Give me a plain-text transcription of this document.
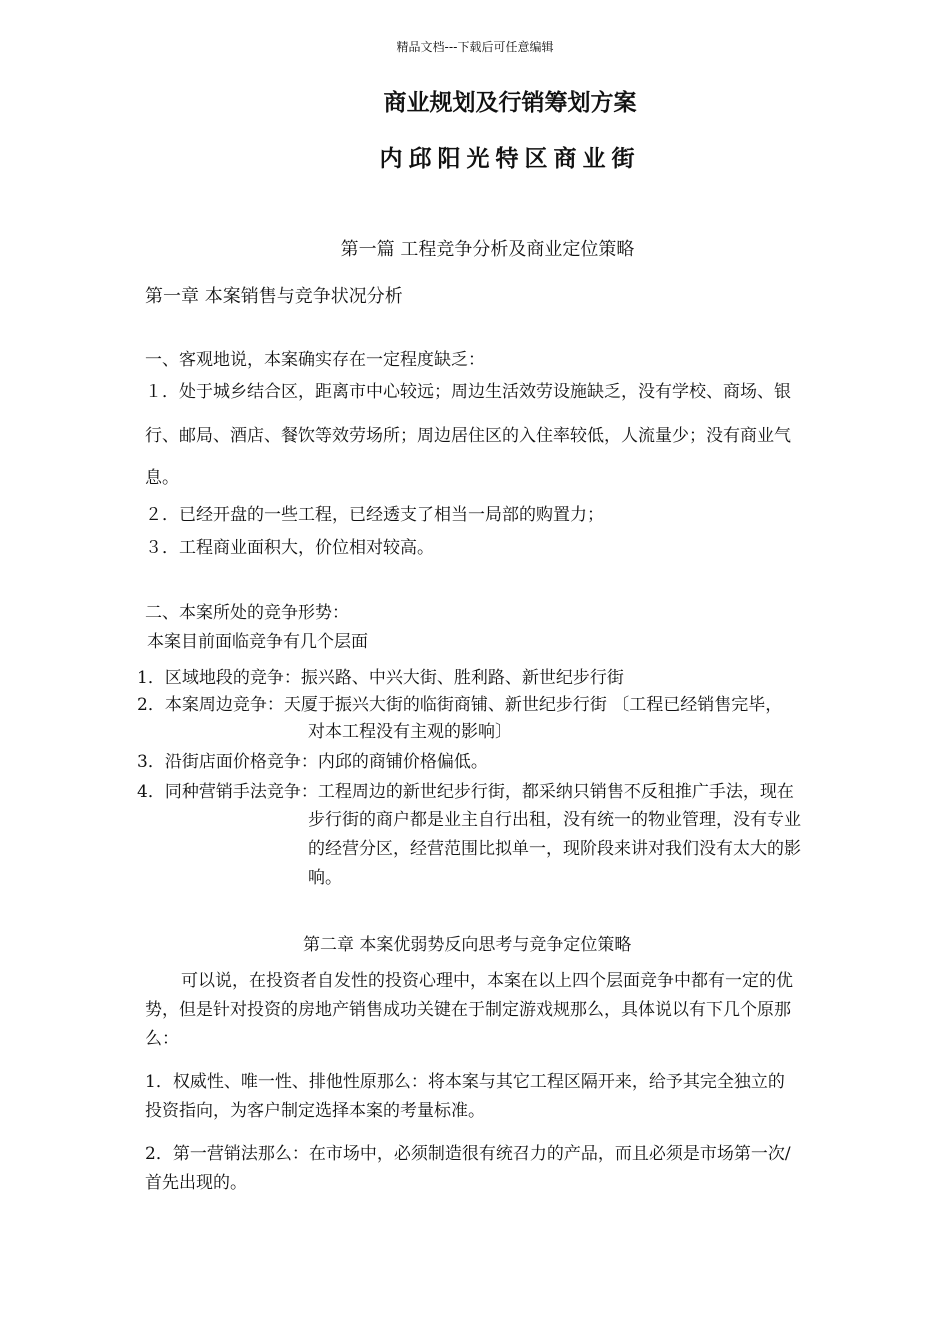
精品文档---下载后可任意编辑
商业规划及行销筹划方案
内邱阳光特区商业街
第一篇 工程竞争分析及商业定位策略
第一章 本案销售与竞争状况分析
一、客观地说，本案确实存在一定程度缺乏：
１．处于城乡结合区，距离市中心较远；周边生活效劳设施缺乏，没有学校、商场、银
行、邮局、酒店、餐饮等效劳场所；周边居住区的入住率较低，人流量少；没有商业气
息。
２．已经开盘的一些工程，已经透支了相当一局部的购置力；
３．工程商业面积大，价位相对较高。
二、本案所处的竞争形势：
本案目前面临竞争有几个层面
1．区域地段的竞争：振兴路、中兴大街、胜利路、新世纪步行街
2．本案周边竞争：天厦于振兴大街的临街商铺、新世纪步行街 〔工程已经销售完毕，
对本工程没有主观的影响〕
3．沿街店面价格竞争：内邱的商铺价格偏低。
4．同种营销手法竞争：工程周边的新世纪步行街，都采纳只销售不反租推广手法，现在
步行街的商户都是业主自行出租，没有统一的物业管理，没有专业
的经营分区，经营范围比拟单一，现阶段来讲对我们没有太大的影
响。
第二章 本案优弱势反向思考与竞争定位策略
可以说，在投资者自发性的投资心理中，本案在以上四个层面竞争中都有一定的优
势，但是针对投资的房地产销售成功关键在于制定游戏规那么，具体说以有下几个原那
么：
1．权威性、唯一性、排他性原那么：将本案与其它工程区隔开来，给予其完全独立的
投资指向，为客户制定选择本案的考量标准。
2．第一营销法那么：在市场中，必须制造很有统召力的产品，而且必须是市场第一次/
首先出现的。
